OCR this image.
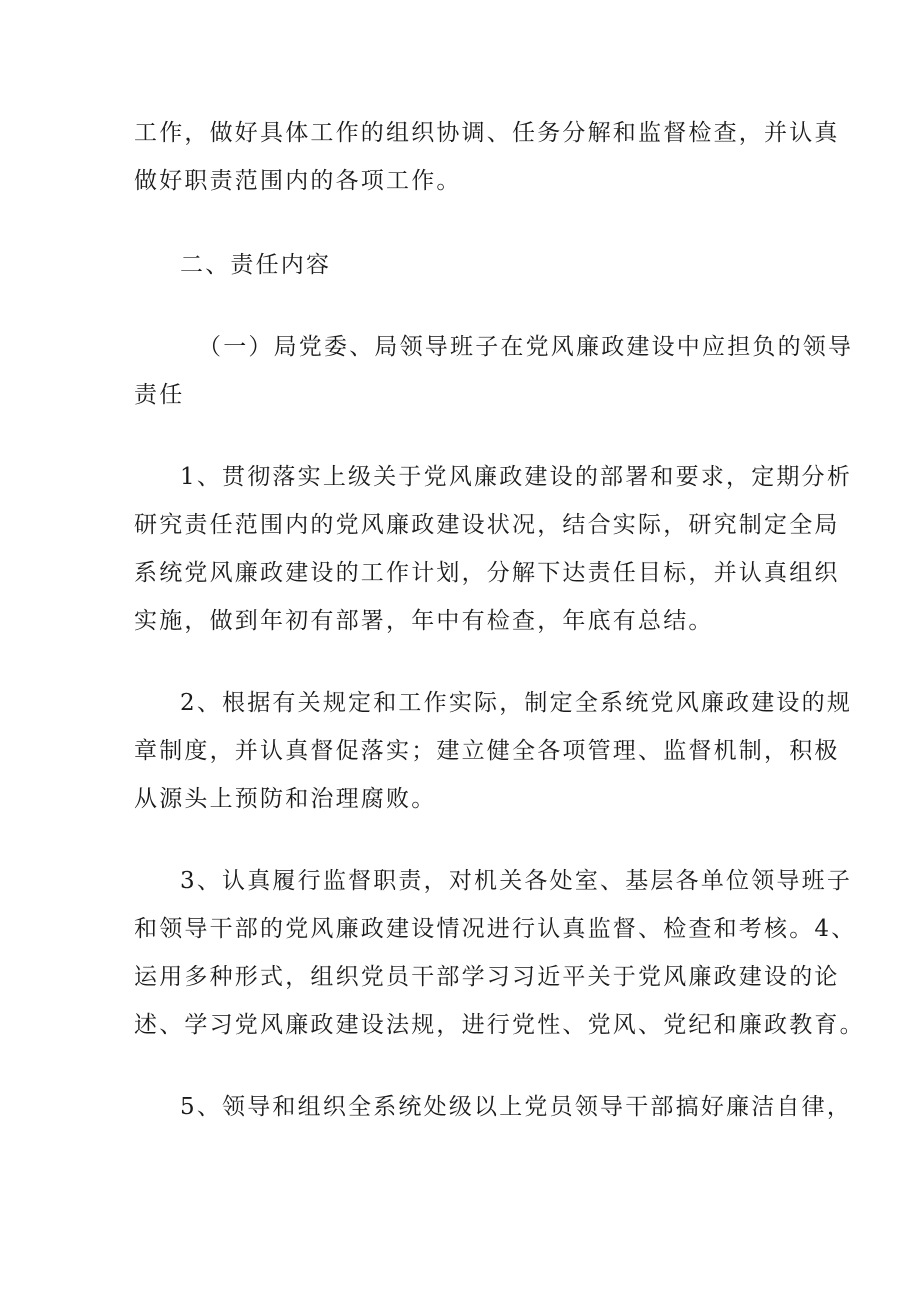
工作，做好具体工作的组织协调、任务分解和监督检查，并认真
做好职责范围内的各项工作。
二、责任内容
（一）局党委、局领导班子在党风廉政建设中应担负的领导
责任
1、贯彻落实上级关于党风廉政建设的部署和要求，定期分析
研究责任范围内的党风廉政建设状况，结合实际，研究制定全局
系统党风廉政建设的工作计划，分解下达责任目标，并认真组织
实施，做到年初有部署，年中有检查，年底有总结。
2、根据有关规定和工作实际，制定全系统党风廉政建设的规
章制度，并认真督促落实；建立健全各项管理、监督机制，积极
从源头上预防和治理腐败。
3、认真履行监督职责，对机关各处室、基层各单位领导班子
和领导干部的党风廉政建设情况进行认真监督、检查和考核。4、
运用多种形式，组织党员干部学习习近平关于党风廉政建设的论
述、学习党风廉政建设法规，进行党性、党风、党纪和廉政教育。
5、领导和组织全系统处级以上党员领导干部搞好廉洁自律，
